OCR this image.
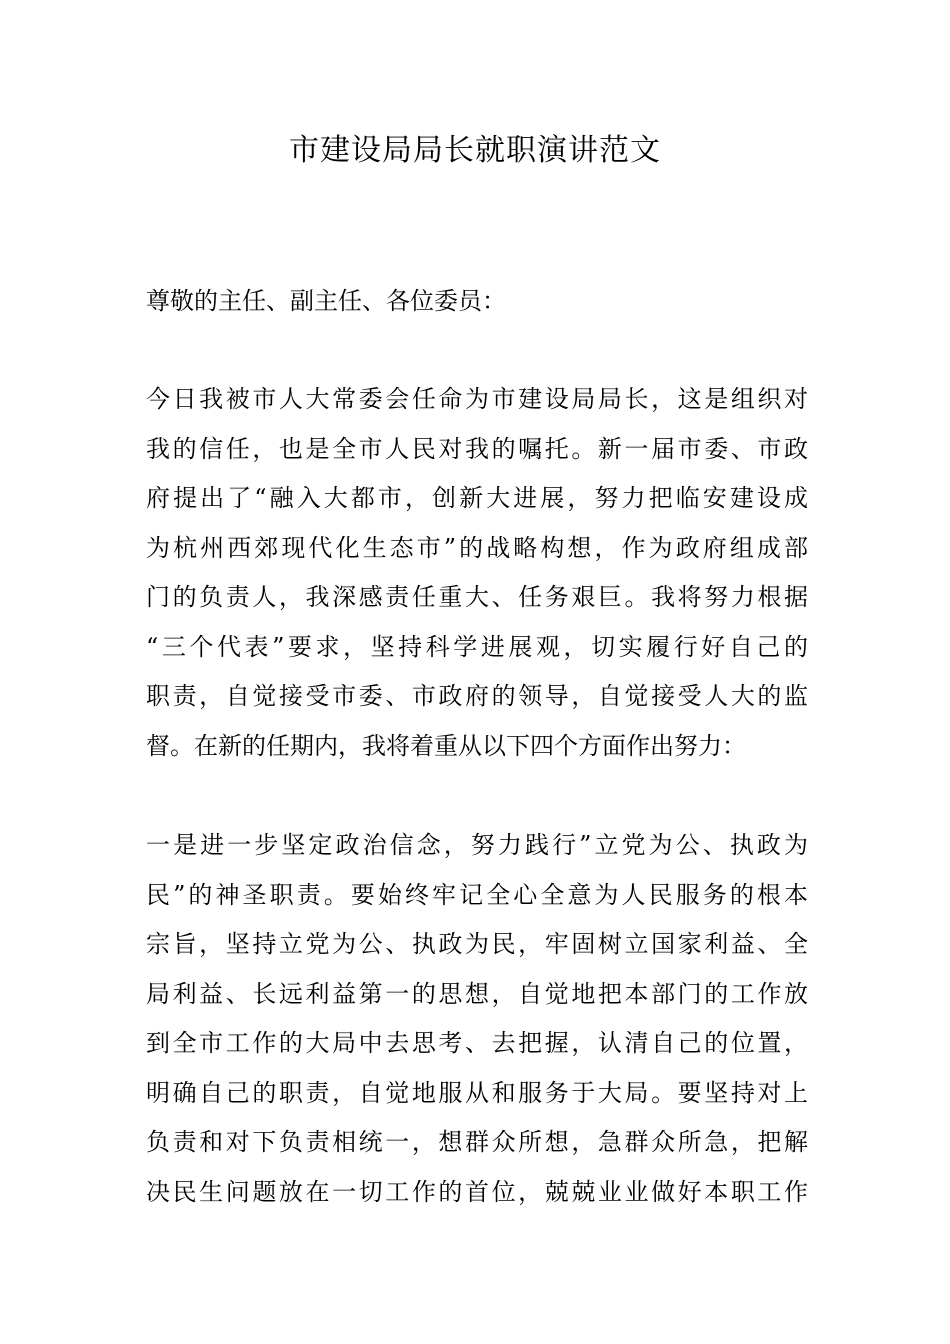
市建设局局长就职演讲范文
尊敬的主任、副主任、各位委员：
今日我被市人大常委会任命为市建设局局长，这是组织对
我的信任，也是全市人民对我的嘱托。新一届市委、市政
府提出了“融入大都市，创新大进展，努力把临安建设成
为杭州西郊现代化生态市”的战略构想，作为政府组成部
门的负责人，我深感责任重大、任务艰巨。我将努力根据
“三个代表”要求，坚持科学进展观，切实履行好自己的
职责，自觉接受市委、市政府的领导，自觉接受人大的监
督。在新的任期内，我将着重从以下四个方面作出努力：
一是进一步坚定政治信念，努力践行”立党为公、执政为
民”的神圣职责。要始终牢记全心全意为人民服务的根本
宗旨，坚持立党为公、执政为民，牢固树立国家利益、全
局利益、长远利益第一的思想，自觉地把本部门的工作放
到全市工作的大局中去思考、去把握，认清自己的位置，
明确自己的职责，自觉地服从和服务于大局。要坚持对上
负责和对下负责相统一，想群众所想，急群众所急，把解
决民生问题放在一切工作的首位，兢兢业业做好本职工作
